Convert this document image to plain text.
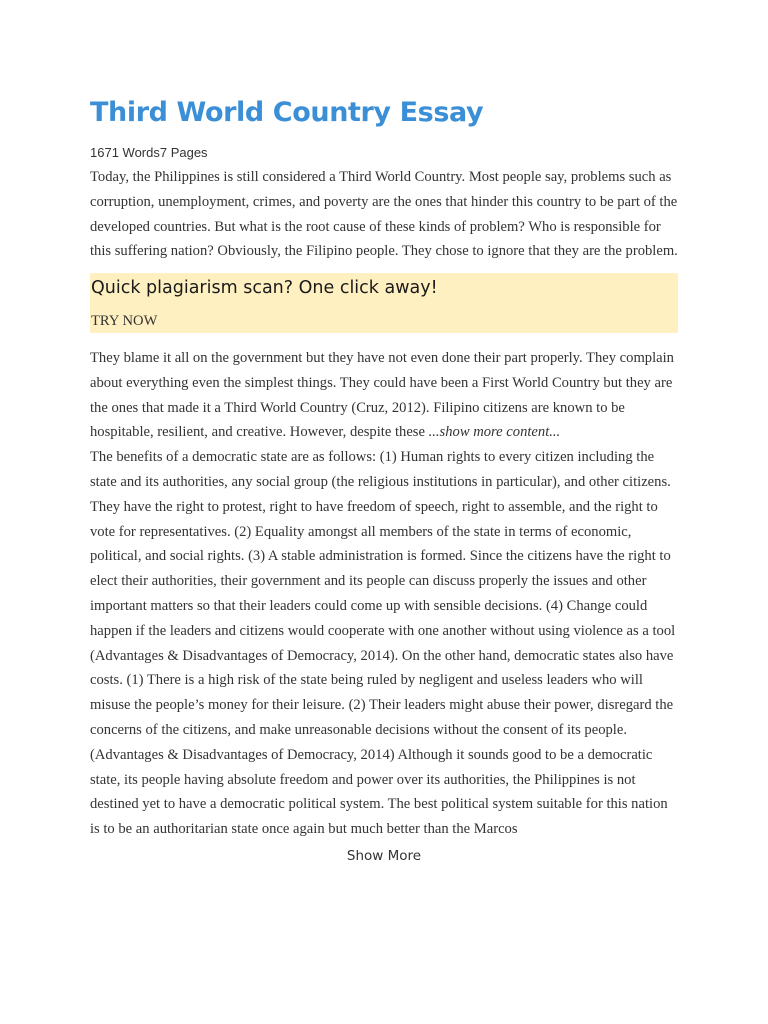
Third World Country Essay
1671 Words7 Pages

Today, the Philippines is still considered a Third World Country. Most people say, problems such as corruption, unemployment, crimes, and poverty are the ones that hinder this country to be part of the developed countries. But what is the root cause of these kinds of problem? Who is responsible for this suffering nation? Obviously, the Filipino people. They chose to ignore that they are the problem.

Quick plagiarism scan? One click away!
TRY NOW

They blame it all on the government but they have not even done their part properly. They complain about everything even the simplest things. They could have been a First World Country but they are the ones that made it a Third World Country (Cruz, 2012). Filipino citizens are known to be hospitable, resilient, and creative. However, despite these ...show more content...

The benefits of a democratic state are as follows: (1) Human rights to every citizen including the state and its authorities, any social group (the religious institutions in particular), and other citizens. They have the right to protest, right to have freedom of speech, right to assemble, and the right to vote for representatives. (2) Equality amongst all members of the state in terms of economic, political, and social rights. (3) A stable administration is formed. Since the citizens have the right to elect their authorities, their government and its people can discuss properly the issues and other important matters so that their leaders could come up with sensible decisions. (4) Change could happen if the leaders and citizens would cooperate with one another without using violence as a tool (Advantages & Disadvantages of Democracy, 2014). On the other hand, democratic states also have costs. (1) There is a high risk of the state being ruled by negligent and useless leaders who will misuse the people’s money for their leisure. (2) Their leaders might abuse their power, disregard the concerns of the citizens, and make unreasonable decisions without the consent of its people. (Advantages & Disadvantages of Democracy, 2014) Although it sounds good to be a democratic state, its people having absolute freedom and power over its authorities, the Philippines is not destined yet to have a democratic political system. The best political system suitable for this nation is to be an authoritarian state once again but much better than the Marcos

Show More
